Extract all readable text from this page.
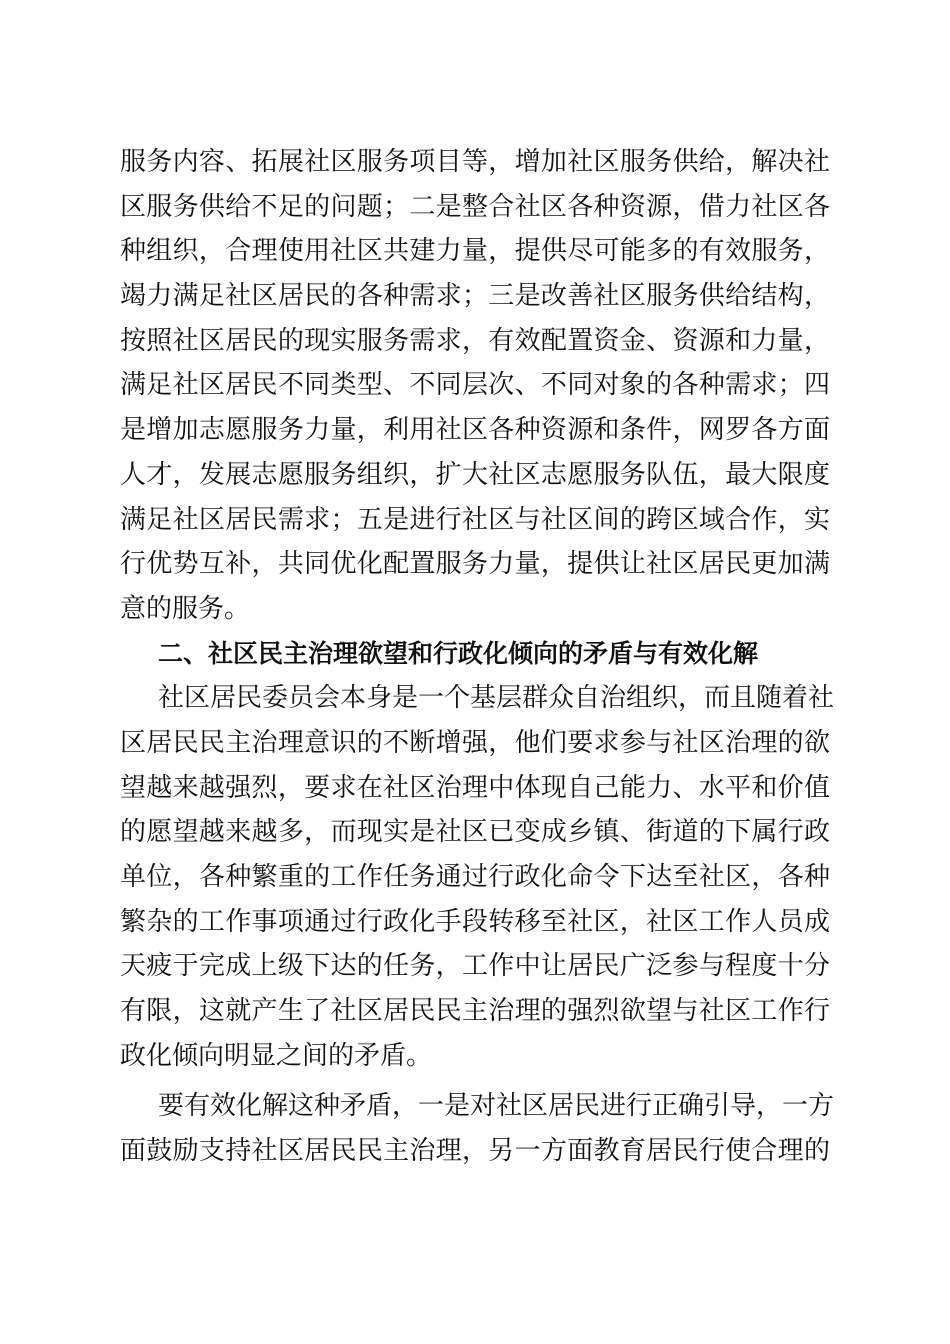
服务内容、拓展社区服务项目等，增加社区服务供给，解决社
区服务供给不足的问题；二是整合社区各种资源，借力社区各
种组织，合理使用社区共建力量，提供尽可能多的有效服务，
竭力满足社区居民的各种需求；三是改善社区服务供给结构，
按照社区居民的现实服务需求，有效配置资金、资源和力量，
满足社区居民不同类型、不同层次、不同对象的各种需求；四
是增加志愿服务力量，利用社区各种资源和条件，网罗各方面
人才，发展志愿服务组织，扩大社区志愿服务队伍，最大限度
满足社区居民需求；五是进行社区与社区间的跨区域合作，实
行优势互补，共同优化配置服务力量，提供让社区居民更加满
意的服务。
二、社区民主治理欲望和行政化倾向的矛盾与有效化解
社区居民委员会本身是一个基层群众自治组织，而且随着社
区居民民主治理意识的不断增强，他们要求参与社区治理的欲
望越来越强烈，要求在社区治理中体现自己能力、水平和价值
的愿望越来越多，而现实是社区已变成乡镇、街道的下属行政
单位，各种繁重的工作任务通过行政化命令下达至社区，各种
繁杂的工作事项通过行政化手段转移至社区，社区工作人员成
天疲于完成上级下达的任务，工作中让居民广泛参与程度十分
有限，这就产生了社区居民民主治理的强烈欲望与社区工作行
政化倾向明显之间的矛盾。
要有效化解这种矛盾，一是对社区居民进行正确引导，一方
面鼓励支持社区居民民主治理，另一方面教育居民行使合理的
